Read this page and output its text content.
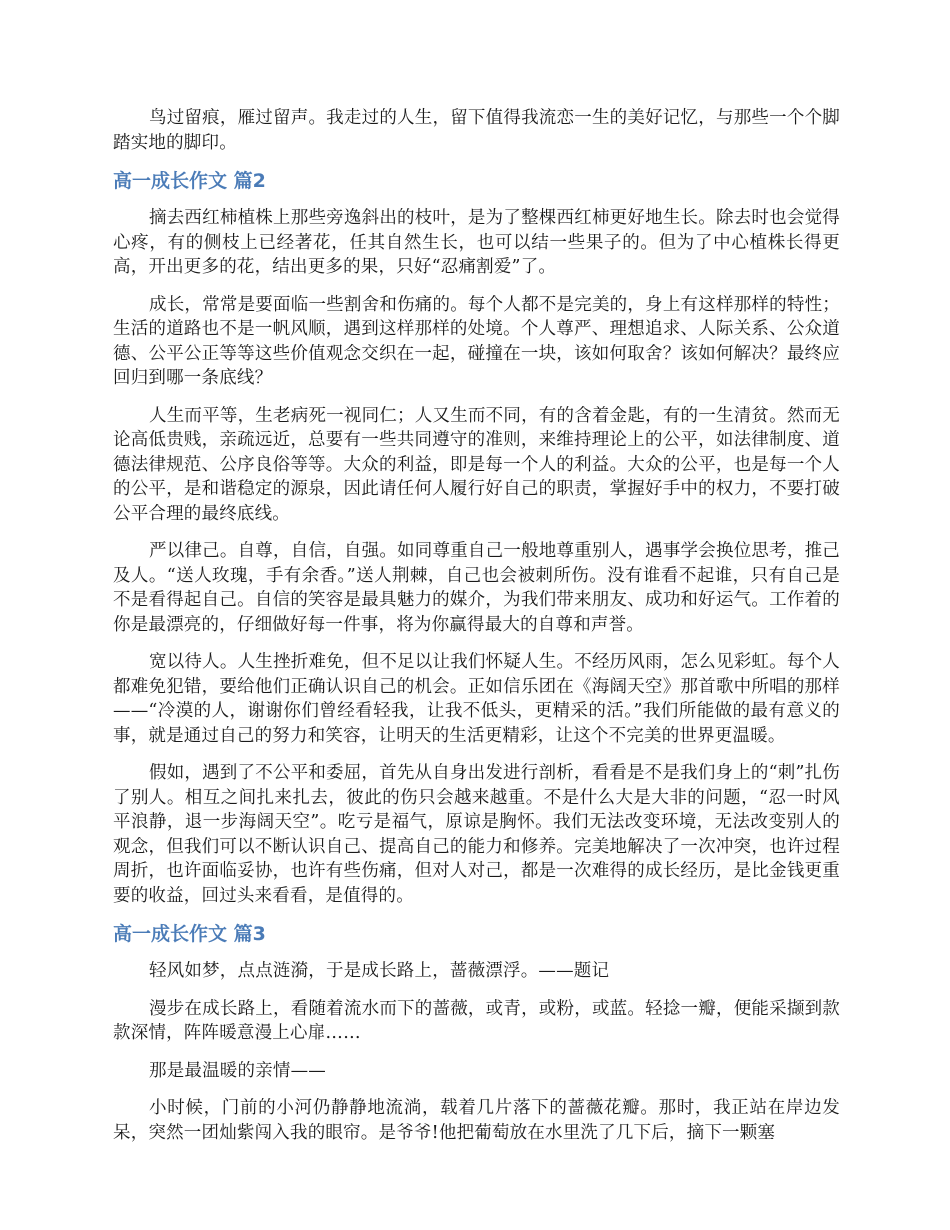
鸟过留痕，雁过留声。我走过的人生，留下值得我流恋一生的美好记忆，与那些一个个脚踏实地的脚印。

高一成长作文 篇2

摘去西红柿植株上那些旁逸斜出的枝叶，是为了整棵西红柿更好地生长。除去时也会觉得心疼，有的侧枝上已经著花，任其自然生长，也可以结一些果子的。但为了中心植株长得更高，开出更多的花，结出更多的果，只好“忍痛割爱”了。

成长，常常是要面临一些割舍和伤痛的。每个人都不是完美的，身上有这样那样的特性；生活的道路也不是一帆风顺，遇到这样那样的处境。个人尊严、理想追求、人际关系、公众道德、公平公正等等这些价值观念交织在一起，碰撞在一块，该如何取舍？该如何解决？最终应回归到哪一条底线？

人生而平等，生老病死一视同仁；人又生而不同，有的含着金匙，有的一生清贫。然而无论高低贵贱，亲疏远近，总要有一些共同遵守的准则，来维持理论上的公平，如法律制度、道德法律规范、公序良俗等等。大众的利益，即是每一个人的利益。大众的公平，也是每一个人的公平，是和谐稳定的源泉，因此请任何人履行好自己的职责，掌握好手中的权力，不要打破公平合理的最终底线。

严以律己。自尊，自信，自强。如同尊重自己一般地尊重别人，遇事学会换位思考，推己及人。“送人玫瑰，手有余香。”送人荆棘，自己也会被刺所伤。没有谁看不起谁，只有自己是不是看得起自己。自信的笑容是最具魅力的媒介，为我们带来朋友、成功和好运气。工作着的你是最漂亮的，仔细做好每一件事，将为你赢得最大的自尊和声誉。

宽以待人。人生挫折难免，但不足以让我们怀疑人生。不经历风雨，怎么见彩虹。每个人都难免犯错，要给他们正确认识自己的机会。正如信乐团在《海阔天空》那首歌中所唱的那样——“冷漠的人，谢谢你们曾经看轻我，让我不低头，更精采的活。”我们所能做的最有意义的事，就是通过自己的努力和笑容，让明天的生活更精彩，让这个不完美的世界更温暖。

假如，遇到了不公平和委屈，首先从自身出发进行剖析，看看是不是我们身上的“刺”扎伤了别人。相互之间扎来扎去，彼此的伤只会越来越重。不是什么大是大非的问题，“忍一时风平浪静，退一步海阔天空”。吃亏是福气，原谅是胸怀。我们无法改变环境，无法改变别人的观念，但我们可以不断认识自己、提高自己的能力和修养。完美地解决了一次冲突，也许过程周折，也许面临妥协，也许有些伤痛，但对人对己，都是一次难得的成长经历，是比金钱更重要的收益，回过头来看看，是值得的。

高一成长作文 篇3

轻风如梦，点点涟漪，于是成长路上，蔷薇漂浮。——题记

漫步在成长路上，看随着流水而下的蔷薇，或青，或粉，或蓝。轻捻一瓣，便能采撷到款款深情，阵阵暖意漫上心扉……

那是最温暖的亲情——

小时候，门前的小河仍静静地流淌，载着几片落下的蔷薇花瓣。那时，我正站在岸边发呆，突然一团灿紫闯入我的眼帘。是爷爷!他把葡萄放在水里洗了几下后，摘下一颗塞
